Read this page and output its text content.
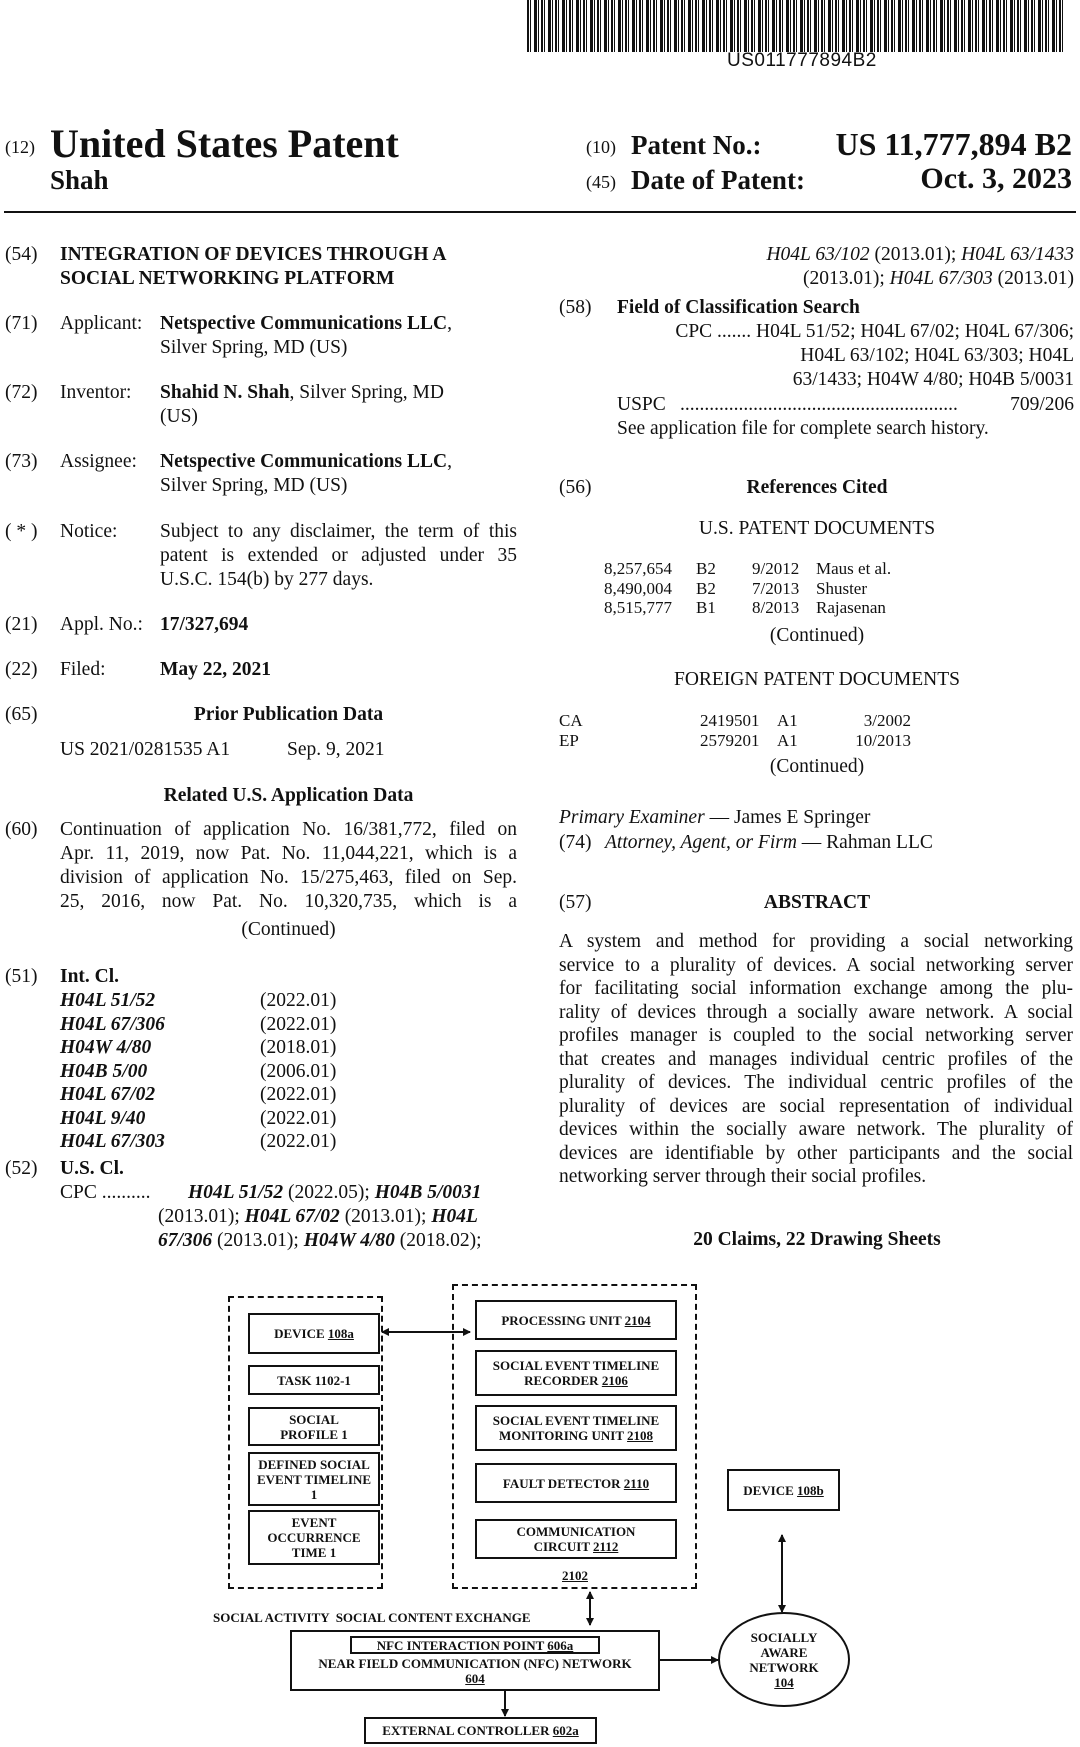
US011777894B2
(12) United States Patent
Shah
(10) Patent No.: US 11,777,894 B2
(45) Date of Patent:	Oct. 3, 2023
(54) INTEGRATION OF DEVICES THROUGH A
SOCIAL NETWORKING PLATFORM
(71) Applicant: Netspective Communications LLC,
Silver Spring, MD (US)
(72) Inventor: Shahid N. Shah, Silver Spring, MD
(US)
(73) Assignee: Netspective Communications LLC,
Silver Spring, MD (US)
( * ) Notice: Subject to any disclaimer, the term of this
patent is extended or adjusted under 35
U.S.C. 154(b) by 277 days.
(21) Appl. No.: 17/327,694
(22) Filed:	May 22, 2021
(65)	Prior Publication Data
US 2021/0281535 A1	Sep. 9, 2021
Related U.S. Application Data
(60) Continuation of application No. 16/381,772, filed on
Apr. 11, 2019, now Pat. No. 11,044,221, which is a
division of application No. 15/275,463, filed on Sep.
25, 2016, now Pat. No. 10,320,735, which is a
(Continued)
(51) Int. Cl.
H04L 51/52	(2022.01)
H04L 67/306	(2022.01)
H04W 4/80	(2018.01)
H04B 5/00	(2006.01)
H04L 67/02	(2022.01)
H04L 9/40	(2022.01)
H04L 67/303	(2022.01)
(52) U.S. Cl.
CPC .......... H04L 51/52 (2022.05); H04B 5/0031
(2013.01); H04L 67/02 (2013.01); H04L
67/306 (2013.01); H04W 4/80 (2018.02);
H04L 63/102 (2013.01); H04L 63/1433
(2013.01); H04L 67/303 (2013.01)
(58) Field of Classification Search
CPC ....... H04L 51/52; H04L 67/02; H04L 67/306;
H04L 63/102; H04L 63/303; H04L
63/1433; H04W 4/80; H04B 5/0031
USPC .........................................................	709/206
See application file for complete search history.
(56)	References Cited
U.S. PATENT DOCUMENTS
8,257,654 B2 9/2012 Maus et al.
8,490,004 B2 7/2013 Shuster
8,515,777 B1 8/2013 Rajasenan
(Continued)
FOREIGN PATENT DOCUMENTS
CA	2419501 A1	3/2002
EP	2579201 A1	10/2013
(Continued)
Primary Examiner — James E Springer
(74) Attorney, Agent, or Firm — Rahman LLC
(57)	ABSTRACT
A system and method for providing a social networking
service to a plurality of devices. A social networking server
for facilitating social information exchange among the plu-
rality of devices through a socially aware network. A social
profiles manager is coupled to the social networking server
that creates and manages individual centric profiles of the
plurality of devices. The individual centric profiles of the
plurality of devices are social representation of individual
devices within the socially aware network. The plurality of
devices are identifiable by other participants and the social
networking server through their social profiles.
20 Claims, 22 Drawing Sheets
DEVICE 108a
TASK 1102-1
SOCIAL PROFILE 1
DEFINED SOCIAL EVENT TIMELINE 1
EVENT OCCURRENCE TIME 1
PROCESSING UNIT 2104
SOCIAL EVENT TIMELINE RECORDER 2106
SOCIAL EVENT TIMELINE MONITORING UNIT 2108
FAULT DETECTOR 2110
COMMUNICATION CIRCUIT 2112
2102
DEVICE 108b
SOCIAL ACTIVITY  SOCIAL CONTENT EXCHANGE
NFC INTERACTION POINT 606a
NEAR FIELD COMMUNICATION (NFC) NETWORK
604
SOCIALLY AWARE NETWORK
104
EXTERNAL CONTROLLER 602a
